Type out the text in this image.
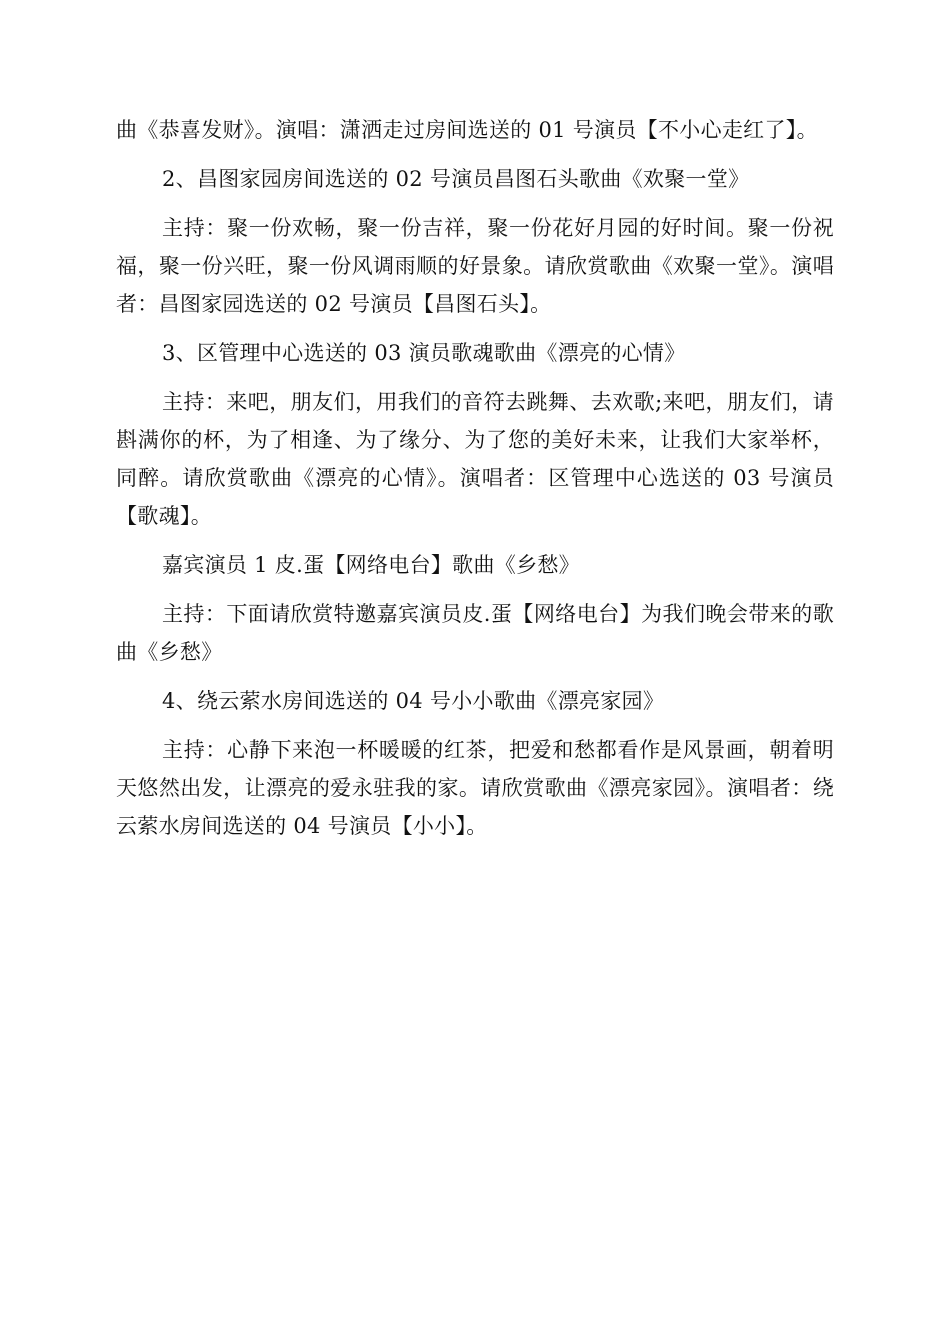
曲《恭喜发财》。演唱：潇洒走过房间选送的 01 号演员【不小心走红了】。

2、昌图家园房间选送的 02 号演员昌图石头歌曲《欢聚一堂》

主持：聚一份欢畅，聚一份吉祥，聚一份花好月园的好时间。聚一份祝福，聚一份兴旺，聚一份风调雨顺的好景象。请欣赏歌曲《欢聚一堂》。演唱者：昌图家园选送的 02 号演员【昌图石头】。

3、区管理中心选送的 03 演员歌魂歌曲《漂亮的心情》

主持：来吧，朋友们，用我们的音符去跳舞、去欢歌;来吧，朋友们，请斟满你的杯，为了相逢、为了缘分、为了您的美好未来，让我们大家举杯，同醉。请欣赏歌曲《漂亮的心情》。演唱者：区管理中心选送的 03 号演员【歌魂】。

嘉宾演员 1 皮.蛋【网络电台】歌曲《乡愁》

主持：下面请欣赏特邀嘉宾演员皮.蛋【网络电台】为我们晚会带来的歌曲《乡愁》

4、绕云萦水房间选送的 04 号小小歌曲《漂亮家园》

主持：心静下来泡一杯暖暖的红茶，把爱和愁都看作是风景画，朝着明天悠然出发，让漂亮的爱永驻我的家。请欣赏歌曲《漂亮家园》。演唱者：绕云萦水房间选送的 04 号演员【小小】。
